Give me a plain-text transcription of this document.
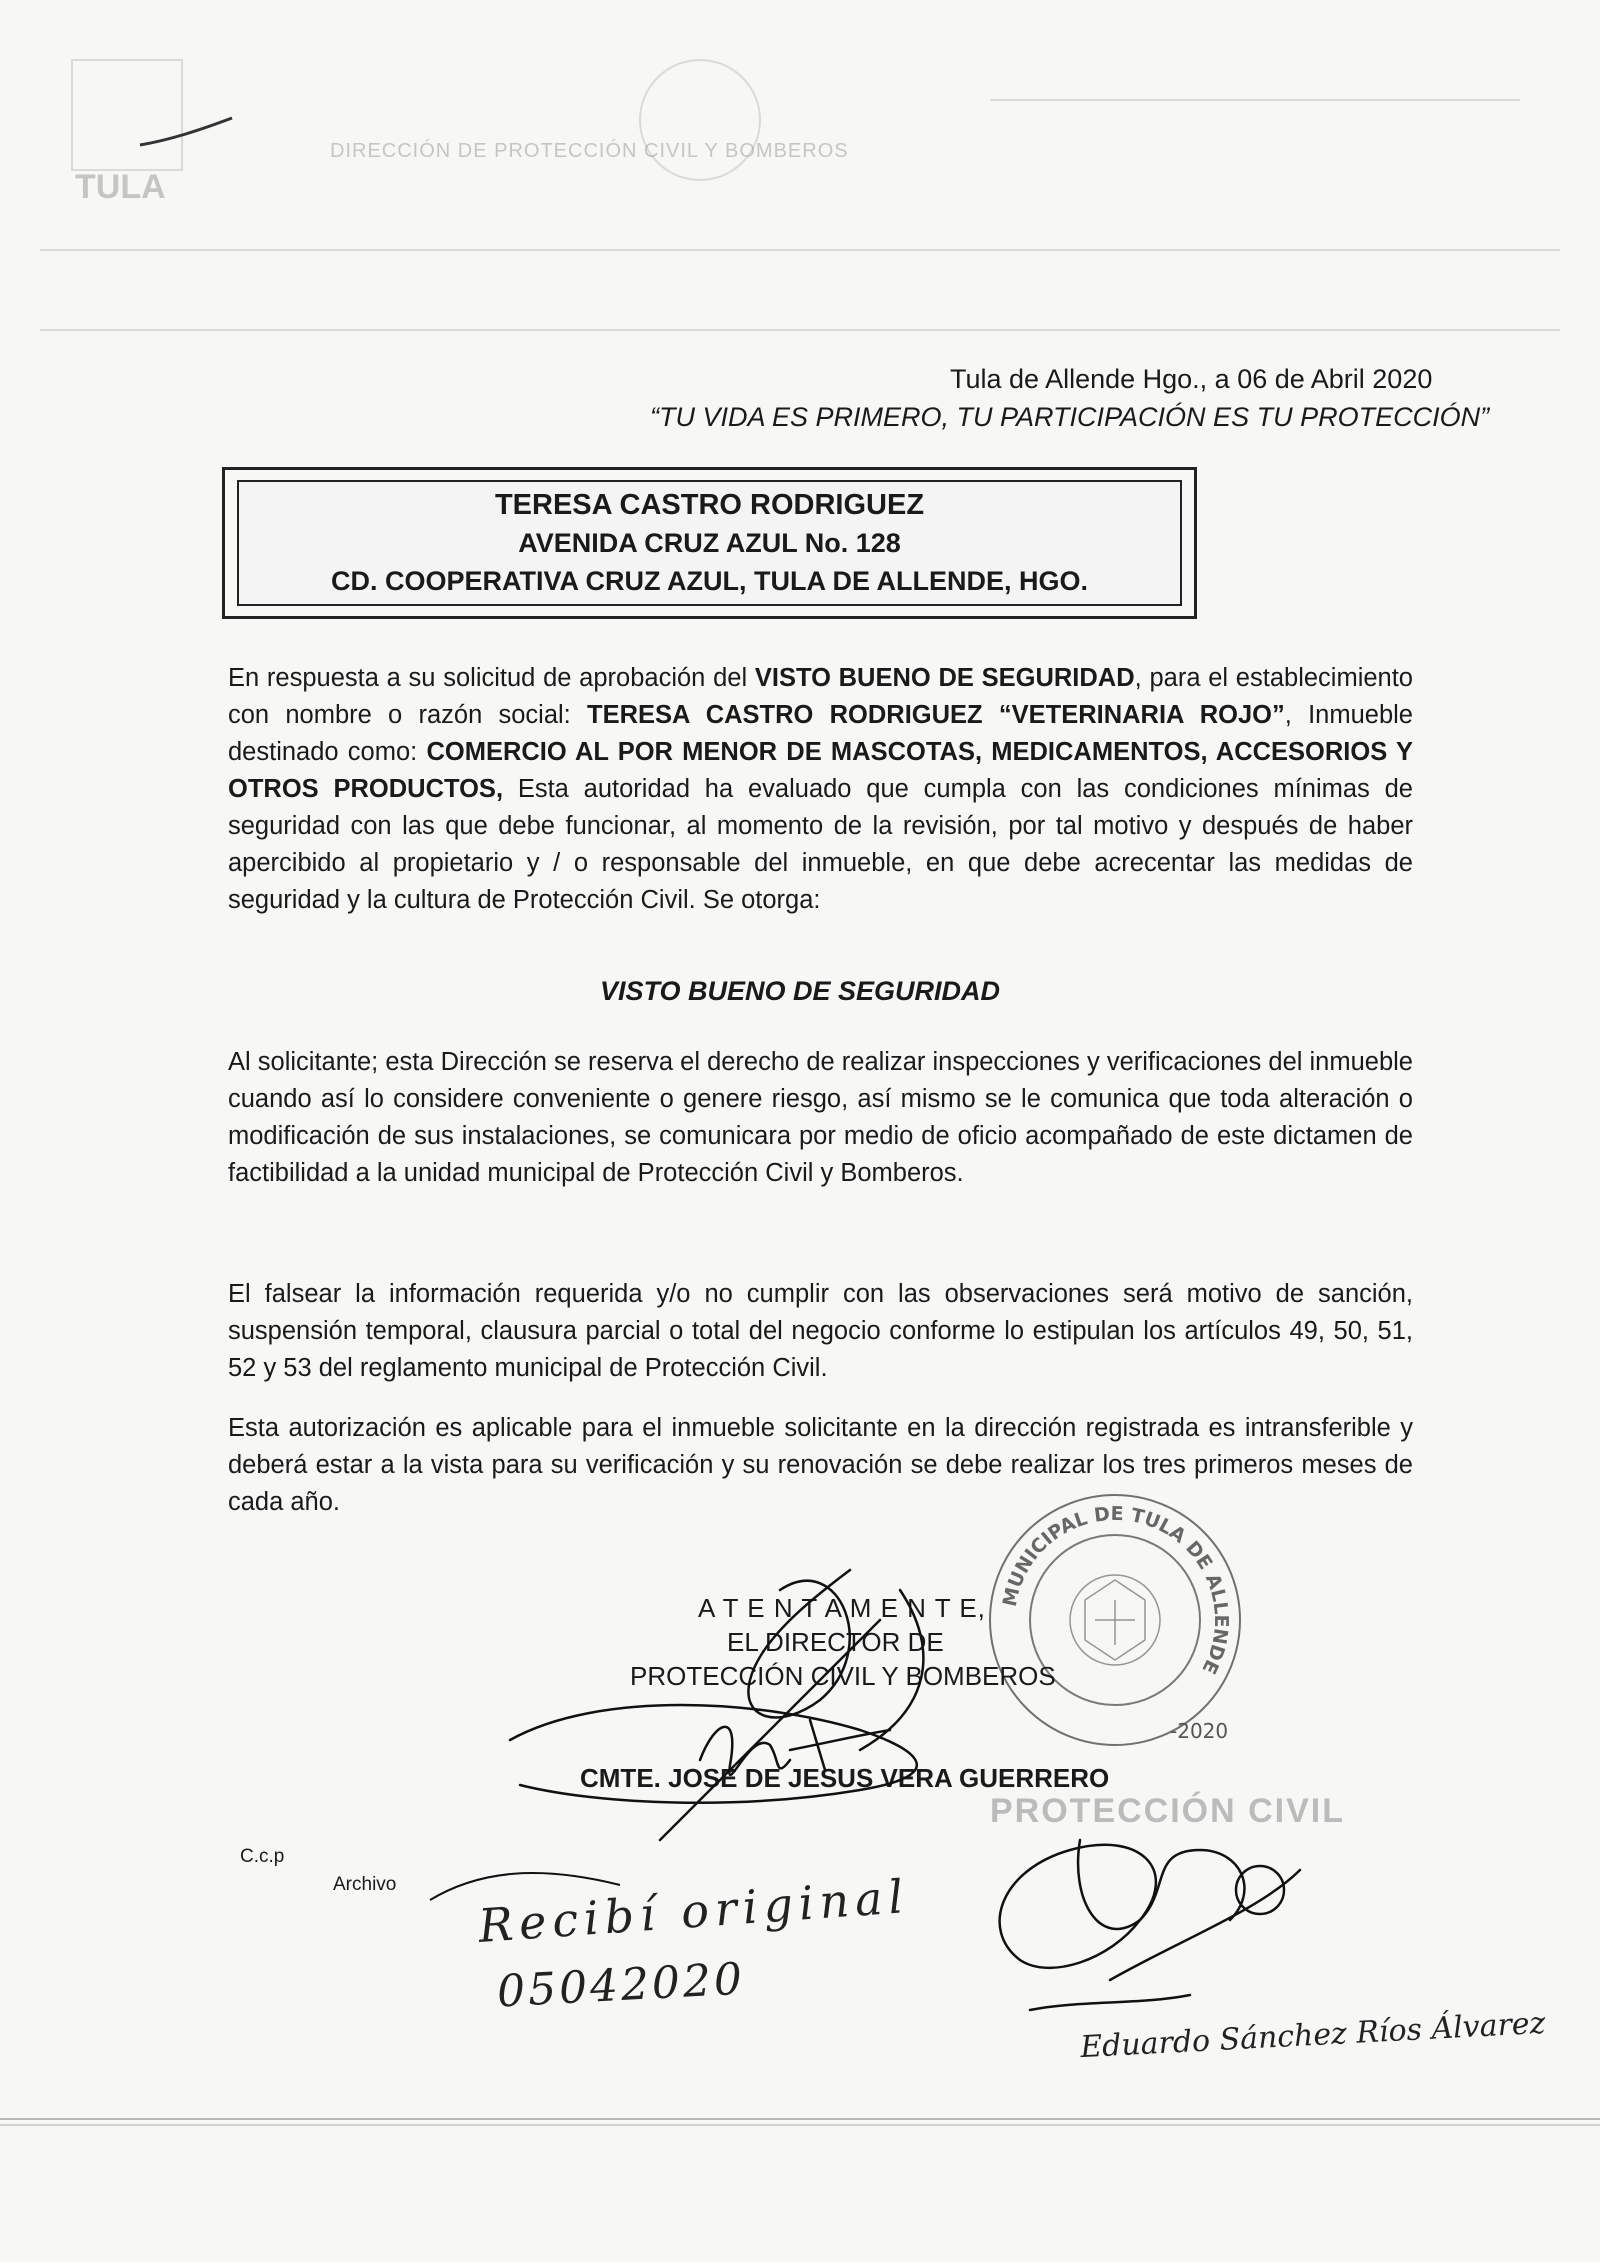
TULA
DIRECCIÓN DE PROTECCIÓN CIVIL Y BOMBEROS
Tula de Allende Hgo., a 06 de Abril 2020
“TU VIDA ES PRIMERO, TU PARTICIPACIÓN ES TU PROTECCIÓN”
TERESA CASTRO RODRIGUEZ
AVENIDA CRUZ AZUL No. 128
CD. COOPERATIVA CRUZ AZUL, TULA DE ALLENDE, HGO.
En respuesta a su solicitud de aprobación del VISTO BUENO DE SEGURIDAD, para el establecimiento con nombre o razón social: TERESA CASTRO RODRIGUEZ “VETERINARIA ROJO”, Inmueble destinado como: COMERCIO AL POR MENOR DE MASCOTAS, MEDICAMENTOS, ACCESORIOS Y OTROS PRODUCTOS, Esta autoridad ha evaluado que cumpla con las condiciones mínimas de seguridad con las que debe funcionar, al momento de la revisión, por tal motivo y después de haber apercibido al propietario y / o responsable del inmueble, en que debe acrecentar las medidas de seguridad y la cultura de Protección Civil. Se otorga:
VISTO BUENO DE SEGURIDAD
Al solicitante; esta Dirección se reserva el derecho de realizar inspecciones y verificaciones del inmueble cuando así lo considere conveniente o genere riesgo, así mismo se le comunica que toda alteración o modificación de sus instalaciones, se comunicara por medio de oficio acompañado de este dictamen de factibilidad a la unidad municipal de Protección Civil y Bomberos.
El falsear la información requerida y/o no cumplir con las observaciones será motivo de sanción, suspensión temporal, clausura parcial o total del negocio conforme lo estipulan los artículos 49, 50, 51, 52 y 53 del reglamento municipal de Protección Civil.
Esta autorización es aplicable para el inmueble solicitante en la dirección registrada es intransferible y deberá estar a la vista para su verificación y su renovación se debe realizar los tres primeros meses de cada año.
MUNICIPAL DE TULA DE ALLENDE
-2020
PROTECCIÓN CIVIL
A T E N T A M E N T E,
EL DIRECTOR DE
PROTECCIÓN CIVIL Y BOMBEROS
CMTE. JOSE DE JESUS VERA GUERRERO
C.c.p
Archivo Recibí original
05042020
Eduardo Sánchez Ríos Álvarez
